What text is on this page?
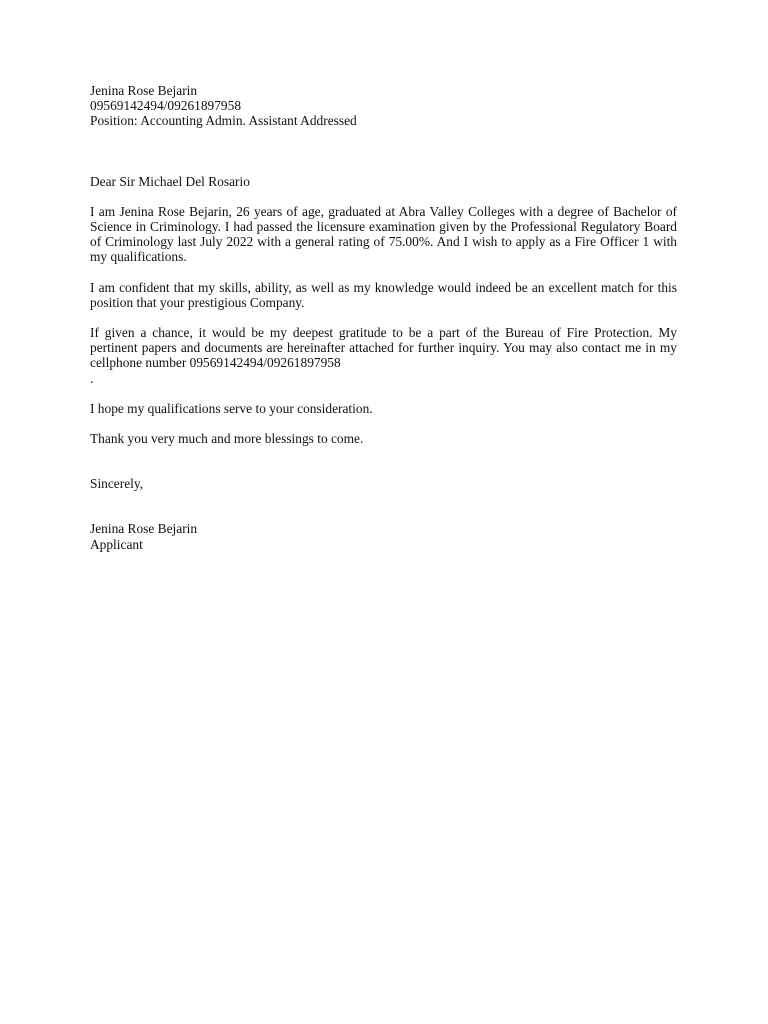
Jenina Rose Bejarin
09569142494/09261897958
Position: Accounting Admin. Assistant Addressed
Dear Sir Michael Del Rosario

I am Jenina Rose Bejarin, 26 years of age, graduated at Abra Valley Colleges with a degree of Bachelor of Science in Criminology. I had passed the licensure examination given by the Professional Regulatory Board of Criminology last July 2022 with a general rating of 75.00%. And I wish to apply as a Fire Officer 1 with my qualifications.

I am confident that my skills, ability, as well as my knowledge would indeed be an excellent match for this position that your prestigious Company.

If given a chance, it would be my deepest gratitude to be a part of the Bureau of Fire Protection. My pertinent papers and documents are hereinafter attached for further inquiry. You may also contact me in my cellphone number 09569142494/09261897958

.

I hope my qualifications serve to your consideration.

Thank you very much and more blessings to come.

Sincerely,
Jenina Rose Bejarin
Applicant
